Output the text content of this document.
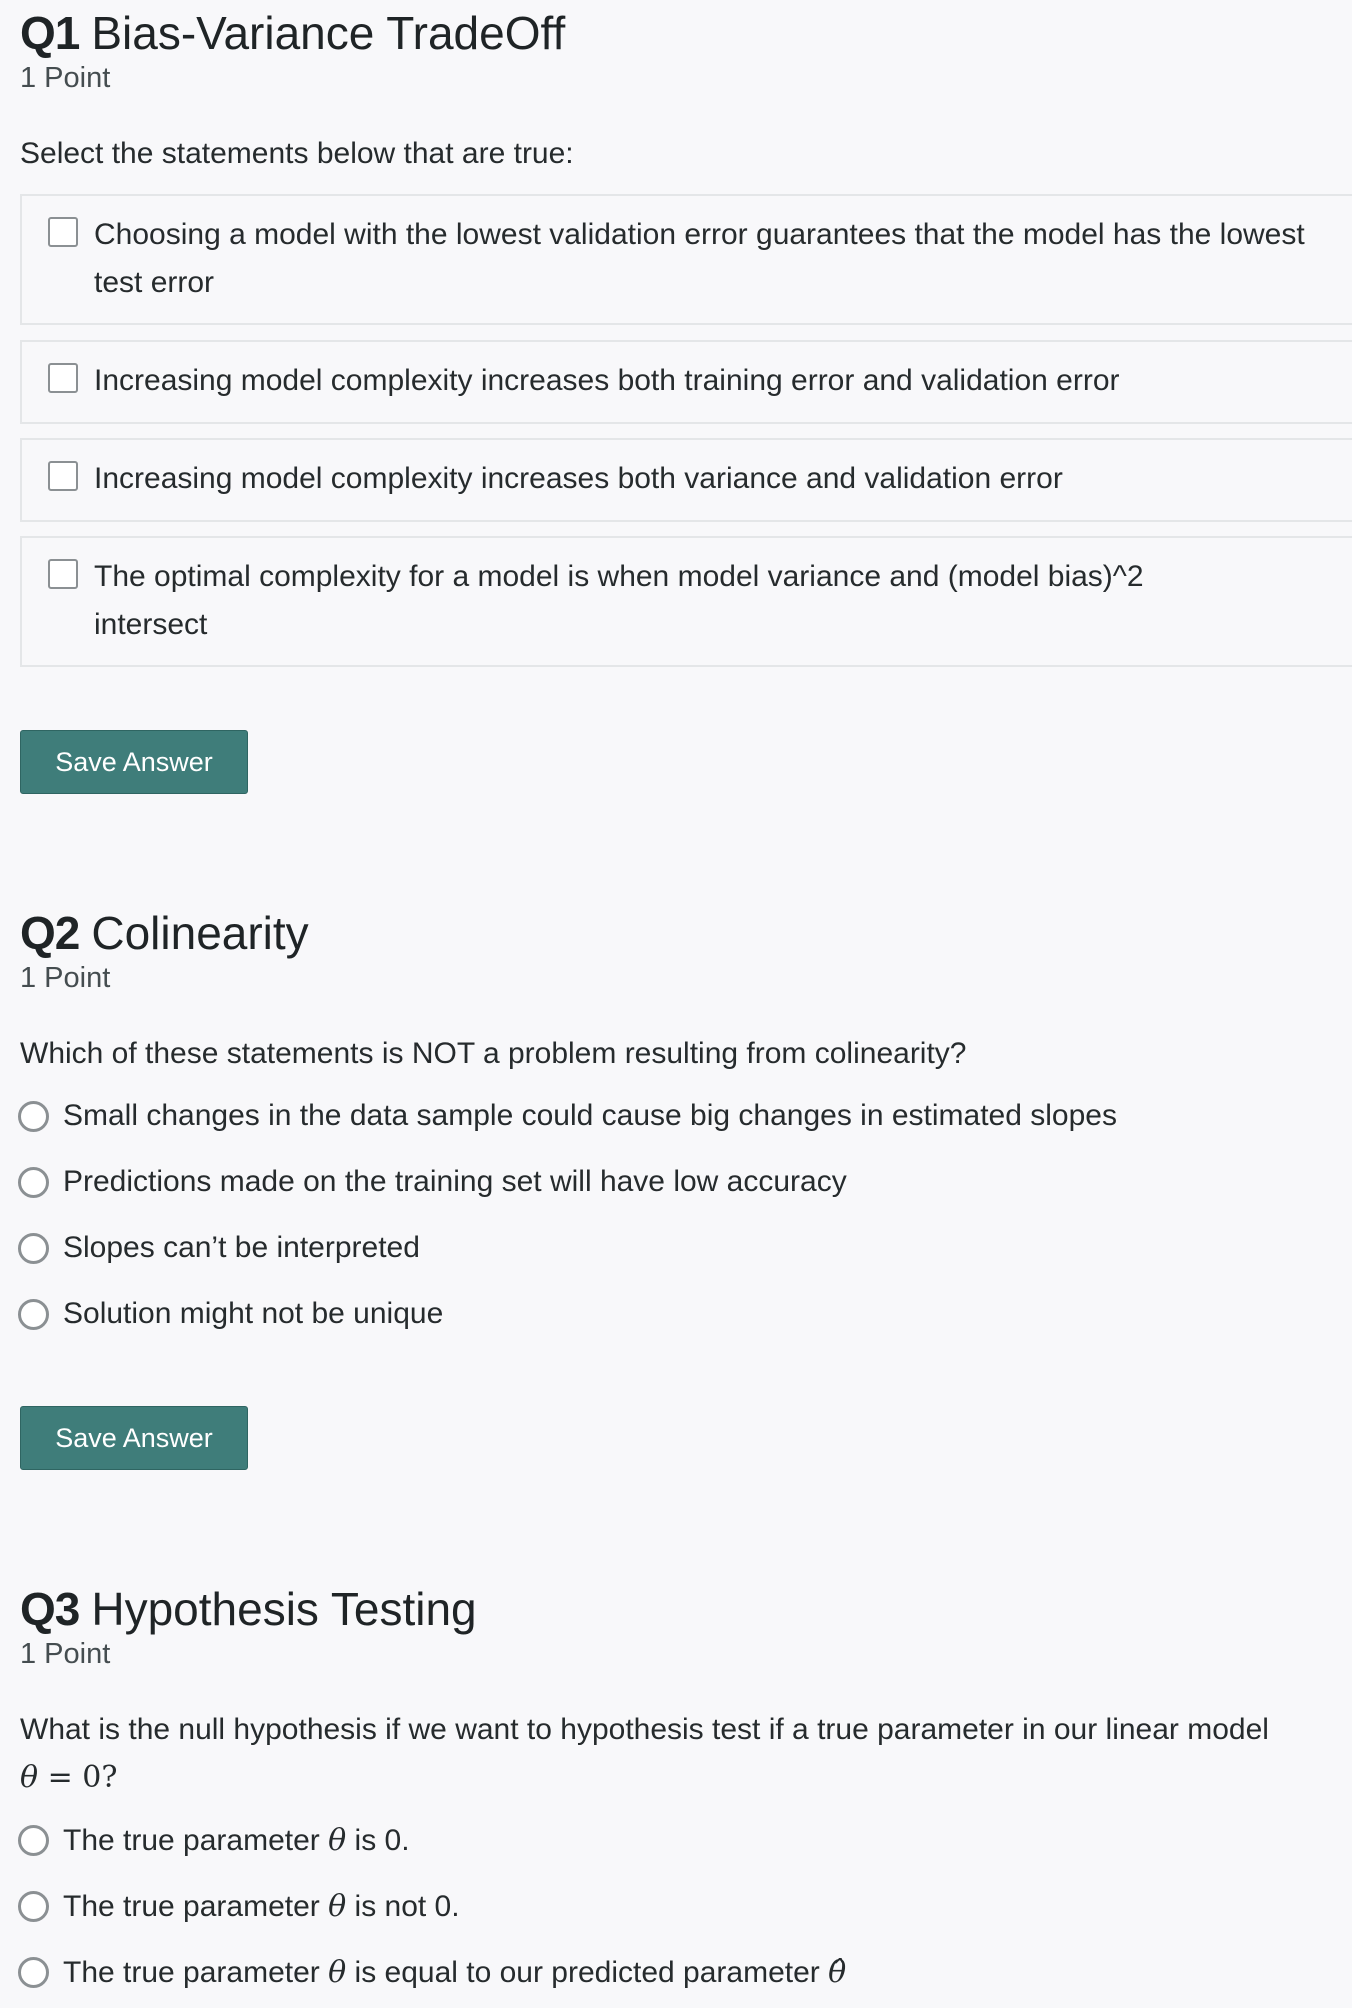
Q1 Bias-Variance TradeOff
1 Point
Select the statements below that are true:
Choosing a model with the lowest validation error guarantees that the model has the lowest test error
Increasing model complexity increases both training error and validation error
Increasing model complexity increases both variance and validation error
The optimal complexity for a model is when model variance and (model bias)^2 intersect
Save Answer
Q2 Colinearity
1 Point
Which of these statements is NOT a problem resulting from colinearity?
Small changes in the data sample could cause big changes in estimated slopes
Predictions made on the training set will have low accuracy
Slopes can’t be interpreted
Solution might not be unique
Save Answer
Q3 Hypothesis Testing
1 Point
What is the null hypothesis if we want to hypothesis test if a true parameter in our linear model
θ = 0?
The true parameter θ is 0.
The true parameter θ is not 0.
The true parameter θ is equal to our predicted parameter θ̂
